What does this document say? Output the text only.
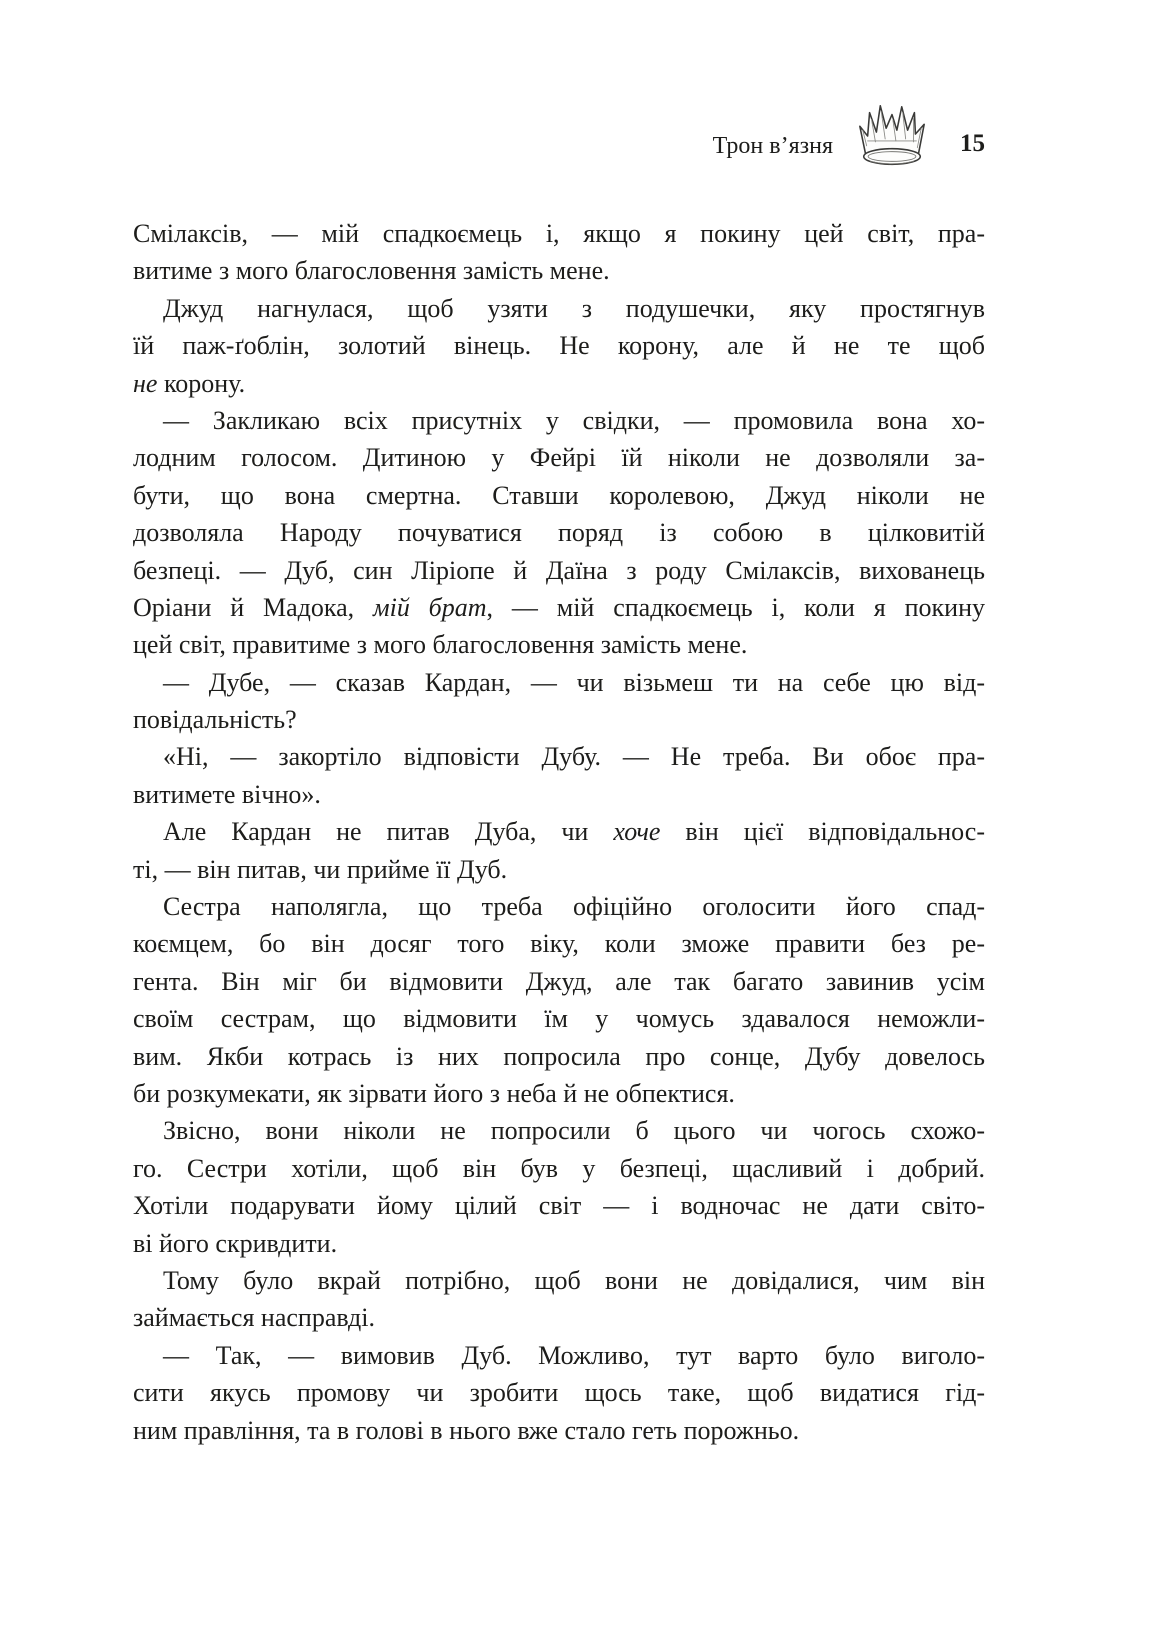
Трон в’язня	15
Смілаксів, — мій спадкоємець і, якщо я покину цей світ, пра-
витиме з мого благословення замість мене.
Джуд нагнулася, щоб узяти з подушечки, яку простягнув
їй паж-ґоблін, золотий вінець. Не корону, але й не те щоб
не корону.
— Закликаю всіх присутніх у свідки, — промовила вона хо-
лодним голосом. Дитиною у Фейрі їй ніколи не дозволяли за-
бути, що вона смертна. Ставши королевою, Джуд ніколи не
дозволяла Народу почуватися поряд із собою в цілковитій
безпеці. — Дуб, син Ліріопе й Даїна з роду Смілаксів, вихованець
Оріани й Мадока, мій брат, — мій спадкоємець і, коли я покину
цей світ, правитиме з мого благословення замість мене.
— Дубе, — сказав Кардан, — чи візьмеш ти на себе цю від-
повідальність?
«Ні, — закортіло відповісти Дубу. — Не треба. Ви обоє пра-
витимете вічно».
Але Кардан не питав Дуба, чи хоче він цієї відповідальнос-
ті, — він питав, чи прийме її Дуб.
Сестра наполягла, що треба офіційно оголосити його спад-
коємцем, бо він досяг того віку, коли зможе правити без ре-
гента. Він міг би відмовити Джуд, але так багато завинив усім
своїм сестрам, що відмовити їм у чомусь здавалося неможли-
вим. Якби котрась із них попросила про сонце, Дубу довелось
би розкумекати, як зірвати його з неба й не обпектися.
Звісно, вони ніколи не попросили б цього чи чогось схожо-
го. Сестри хотіли, щоб він був у безпеці, щасливий і добрий.
Хотіли подарувати йому цілий світ — і водночас не дати світо-
ві його скривдити.
Тому було вкрай потрібно, щоб вони не довідалися, чим він
займається насправді.
— Так, — вимовив Дуб. Можливо, тут варто було виголо-
сити якусь промову чи зробити щось таке, щоб видатися гід-
ним правління, та в голові в нього вже стало геть порожньо.
